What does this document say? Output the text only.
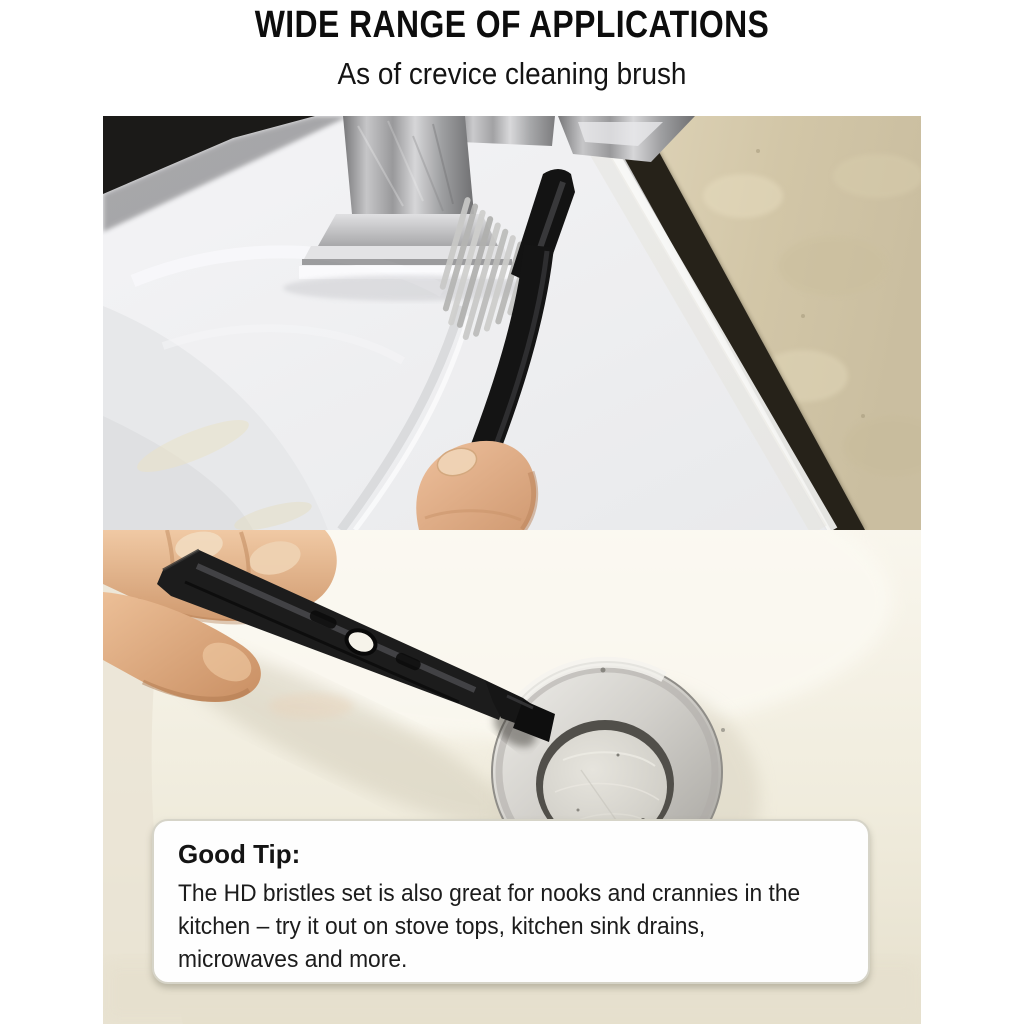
WIDE RANGE OF APPLICATIONS
As of crevice cleaning brush
Good Tip:
The HD bristles set is also great for nooks and crannies in the
kitchen – try it out on stove tops, kitchen sink drains,
microwaves and more.
